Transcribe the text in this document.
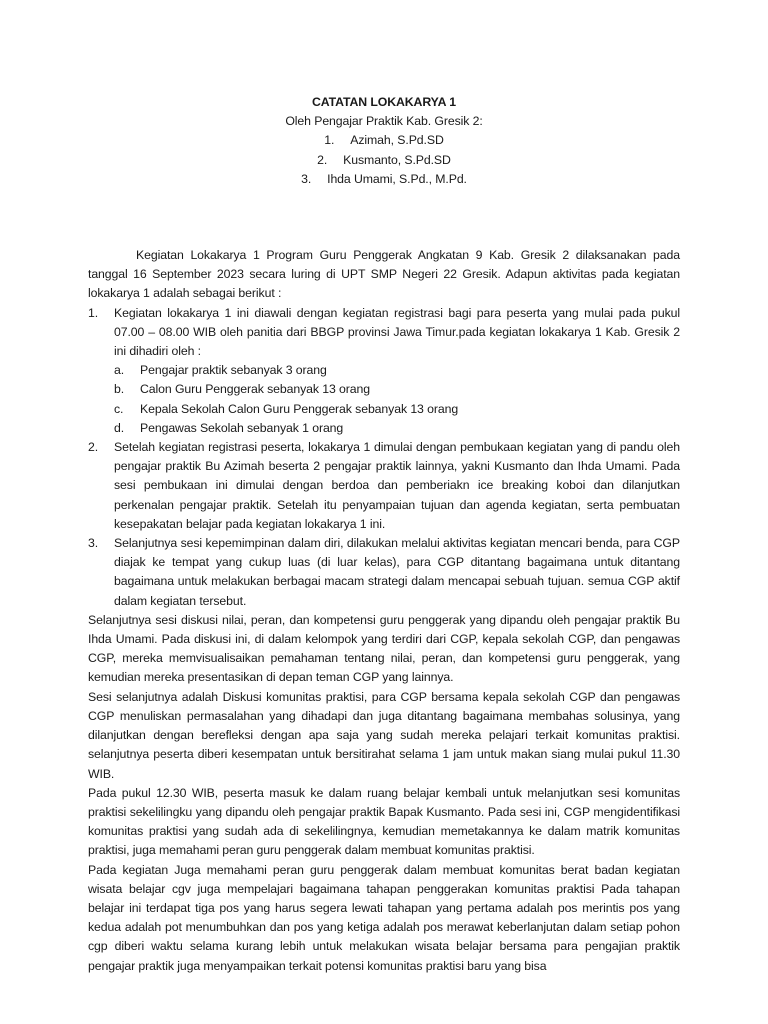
CATATAN LOKAKARYA 1
Oleh Pengajar Praktik Kab. Gresik 2:
1. Azimah, S.Pd.SD
2. Kusmanto, S.Pd.SD
3. Ihda Umami, S.Pd., M.Pd.

Kegiatan Lokakarya 1 Program Guru Penggerak Angkatan 9 Kab. Gresik 2 dilaksanakan pada tanggal 16 September 2023 secara luring di UPT SMP Negeri 22 Gresik. Adapun aktivitas pada kegiatan lokakarya 1 adalah sebagai berikut :

1. Kegiatan lokakarya 1 ini diawali dengan kegiatan registrasi bagi para peserta yang mulai pada pukul 07.00 – 08.00 WIB oleh panitia dari BBGP provinsi Jawa Timur.pada kegiatan lokakarya 1 Kab. Gresik 2 ini dihadiri oleh :
a. Pengajar praktik sebanyak 3 orang
b. Calon Guru Penggerak sebanyak 13 orang
c. Kepala Sekolah Calon Guru Penggerak sebanyak 13 orang
d. Pengawas Sekolah sebanyak 1 orang
2. Setelah kegiatan registrasi peserta, lokakarya 1 dimulai dengan pembukaan kegiatan yang di pandu oleh pengajar praktik Bu Azimah beserta 2 pengajar praktik lainnya, yakni Kusmanto dan Ihda Umami. Pada sesi pembukaan ini dimulai dengan berdoa dan pemberiakn ice breaking koboi dan dilanjutkan perkenalan pengajar praktik. Setelah itu penyampaian tujuan dan agenda kegiatan, serta pembuatan kesepakatan belajar pada kegiatan lokakarya 1 ini.
3. Selanjutnya sesi kepemimpinan dalam diri, dilakukan melalui aktivitas kegiatan mencari benda, para CGP diajak ke tempat yang cukup luas (di luar kelas), para CGP ditantang bagaimana untuk ditantang bagaimana untuk melakukan berbagai macam strategi dalam mencapai sebuah tujuan. semua CGP aktif dalam kegiatan tersebut.

Selanjutnya sesi diskusi nilai, peran, dan kompetensi guru penggerak yang dipandu oleh pengajar praktik Bu Ihda Umami. Pada diskusi ini, di dalam kelompok yang terdiri dari CGP, kepala sekolah CGP, dan pengawas CGP, mereka memvisualisaikan pemahaman tentang nilai, peran, dan kompetensi guru penggerak, yang kemudian mereka presentasikan di depan teman CGP yang lainnya.

Sesi selanjutnya adalah Diskusi komunitas praktisi, para CGP bersama kepala sekolah CGP dan pengawas CGP menuliskan permasalahan yang dihadapi dan juga ditantang bagaimana membahas solusinya, yang dilanjutkan dengan berefleksi dengan apa saja yang sudah mereka pelajari terkait komunitas praktisi. selanjutnya peserta diberi kesempatan untuk bersitirahat selama 1 jam untuk makan siang mulai pukul 11.30 WIB.

Pada pukul 12.30 WIB, peserta masuk ke dalam ruang belajar kembali untuk melanjutkan sesi komunitas praktisi sekelilingku yang dipandu oleh pengajar praktik Bapak Kusmanto. Pada sesi ini, CGP mengidentifikasi komunitas praktisi yang sudah ada di sekelilingnya, kemudian memetakannya ke dalam matrik komunitas praktisi, juga memahami peran guru penggerak dalam membuat komunitas praktisi.

Pada kegiatan Juga memahami peran guru penggerak dalam membuat komunitas berat badan kegiatan wisata belajar cgv juga mempelajari bagaimana tahapan penggerakan komunitas praktisi Pada tahapan belajar ini terdapat tiga pos yang harus segera lewati tahapan yang pertama adalah pos merintis pos yang kedua adalah pot menumbuhkan dan pos yang ketiga adalah pos merawat keberlanjutan dalam setiap pohon cgp diberi waktu selama kurang lebih untuk melakukan wisata belajar bersama para pengajian praktik pengajar praktik juga menyampaikan terkait potensi komunitas praktisi baru yang bisa
